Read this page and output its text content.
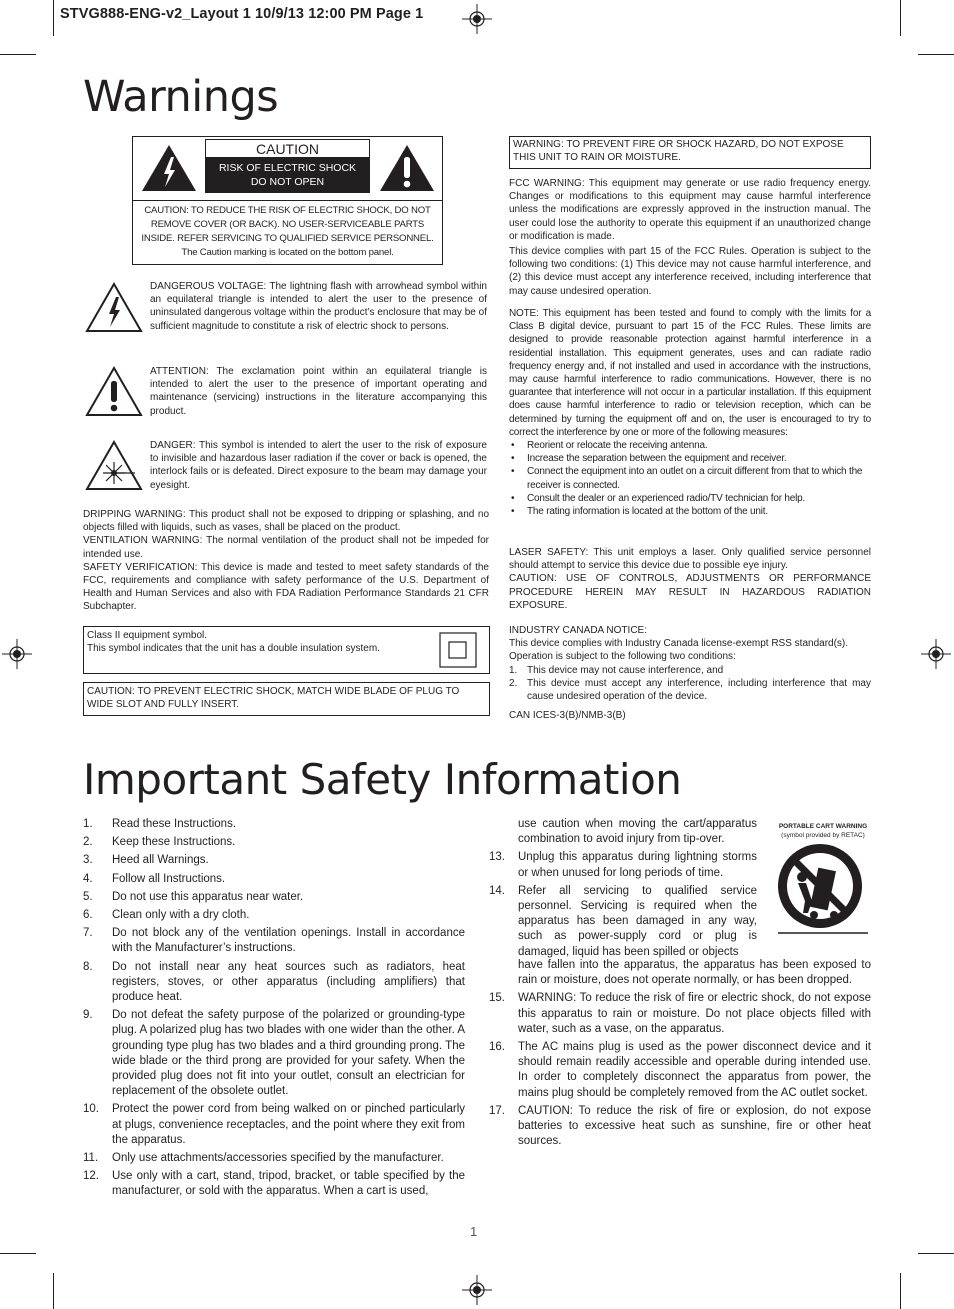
STVG888-ENG-v2_Layout 1 10/9/13 12:00 PM Page 1
Warnings
CAUTION
RISK OF ELECTRIC SHOCK
DO NOT OPEN
CAUTION: TO REDUCE THE RISK OF ELECTRIC SHOCK, DO NOT
REMOVE COVER (OR BACK). NO USER-SERVICEABLE PARTS
INSIDE. REFER SERVICING TO QUALIFIED SERVICE PERSONNEL.
The Caution marking is located on the bottom panel.
DANGEROUS VOLTAGE: The lightning flash with arrowhead symbol within an equilateral triangle is intended to alert the user to the presence of uninsulated dangerous voltage within the product’s enclosure that may be of sufficient magnitude to constitute a risk of electric shock to persons.
ATTENTION: The exclamation point within an equilateral triangle is intended to alert the user to the presence of important operating and maintenance (servicing) instructions in the literature accompanying this product.
DANGER: This symbol is intended to alert the user to the risk of exposure to invisible and hazardous laser radiation if the cover or back is opened, the interlock fails or is defeated. Direct exposure to the beam may damage your eyesight.
DRIPPING WARNING: This product shall not be exposed to dripping or splashing, and no objects filled with liquids, such as vases, shall be placed on the product.
VENTILATION WARNING: The normal ventilation of the product shall not be impeded for intended use.
SAFETY VERIFICATION: This device is made and tested to meet safety standards of the FCC, requirements and compliance with safety performance of the U.S. Department of Health and Human Services and also with FDA Radiation Performance Standards 21 CFR Subchapter.
Class II equipment symbol.
This symbol indicates that the unit has a double insulation system.
CAUTION: TO PREVENT ELECTRIC SHOCK, MATCH WIDE BLADE OF PLUG TO WIDE SLOT AND FULLY INSERT.
WARNING: TO PREVENT FIRE OR SHOCK HAZARD, DO NOT EXPOSE THIS UNIT TO RAIN OR MOISTURE.
FCC WARNING: This equipment may generate or use radio frequency energy. Changes or modifications to this equipment may cause harmful interference unless the modifications are expressly approved in the instruction manual. The user could lose the authority to operate this equipment if an unauthorized change or modification is made.
This device complies with part 15 of the FCC Rules. Operation is subject to the following two conditions: (1) This device may not cause harmful interference, and (2) this device must accept any interference received, including interference that may cause undesired operation.
NOTE: This equipment has been tested and found to comply with the limits for a Class B digital device, pursuant to part 15 of the FCC Rules. These limits are designed to provide reasonable protection against harmful interference in a residential installation. This equipment generates, uses and can radiate radio frequency energy and, if not installed and used in accordance with the instructions, may cause harmful interference to radio communications. However, there is no guarantee that interference will not occur in a particular installation. If this equipment does cause harmful interference to radio or television reception, which can be determined by turning the equipment off and on, the user is encouraged to try to correct the interference by one or more of the following measures:
• Reorient or relocate the receiving antenna.
• Increase the separation between the equipment and receiver.
• Connect the equipment into an outlet on a circuit different from that to which the receiver is connected.
• Consult the dealer or an experienced radio/TV technician for help.
• The rating information is located at the bottom of the unit.
LASER SAFETY: This unit employs a laser. Only qualified service personnel should attempt to service this device due to possible eye injury.
CAUTION: USE OF CONTROLS, ADJUSTMENTS OR PERFORMANCE PROCEDURE HEREIN MAY RESULT IN HAZARDOUS RADIATION EXPOSURE.
INDUSTRY CANADA NOTICE:
This device complies with Industry Canada license-exempt RSS standard(s).
Operation is subject to the following two conditions:
1. This device may not cause interference, and
2. This device must accept any interference, including interference that may cause undesired operation of the device.
CAN ICES-3(B)/NMB-3(B)
Important Safety Information
1. Read these Instructions.
2. Keep these Instructions.
3. Heed all Warnings.
4. Follow all Instructions.
5. Do not use this apparatus near water.
6. Clean only with a dry cloth.
7. Do not block any of the ventilation openings. Install in accordance with the Manufacturer’s instructions.
8. Do not install near any heat sources such as radiators, heat registers, stoves, or other apparatus (including amplifiers) that produce heat.
9. Do not defeat the safety purpose of the polarized or grounding-type plug. A polarized plug has two blades with one wider than the other. A grounding type plug has two blades and a third grounding prong. The wide blade or the third prong are provided for your safety. When the provided plug does not fit into your outlet, consult an electrician for replacement of the obsolete outlet.
10. Protect the power cord from being walked on or pinched particularly at plugs, convenience receptacles, and the point where they exit from the apparatus.
11. Only use attachments/accessories specified by the manufacturer.
12. Use only with a cart, stand, tripod, bracket, or table specified by the manufacturer, or sold with the apparatus. When a cart is used,
use caution when moving the cart/apparatus combination to avoid injury from tip-over.
13. Unplug this apparatus during lightning storms or when unused for long periods of time.
14. Refer all servicing to qualified service personnel. Servicing is required when the apparatus has been damaged in any way, such as power-supply cord or plug is damaged, liquid has been spilled or objects
have fallen into the apparatus, the apparatus has been exposed to rain or moisture, does not operate normally, or has been dropped.
15. WARNING: To reduce the risk of fire or electric shock, do not expose this apparatus to rain or moisture. Do not place objects filled with water, such as a vase, on the apparatus.
16. The AC mains plug is used as the power disconnect device and it should remain readily accessible and operable during intended use. In order to completely disconnect the apparatus from power, the mains plug should be completely removed from the AC outlet socket.
17. CAUTION: To reduce the risk of fire or explosion, do not expose batteries to excessive heat such as sunshine, fire or other heat sources.
PORTABLE CART WARNING
(symbol provided by RETAC)
1
